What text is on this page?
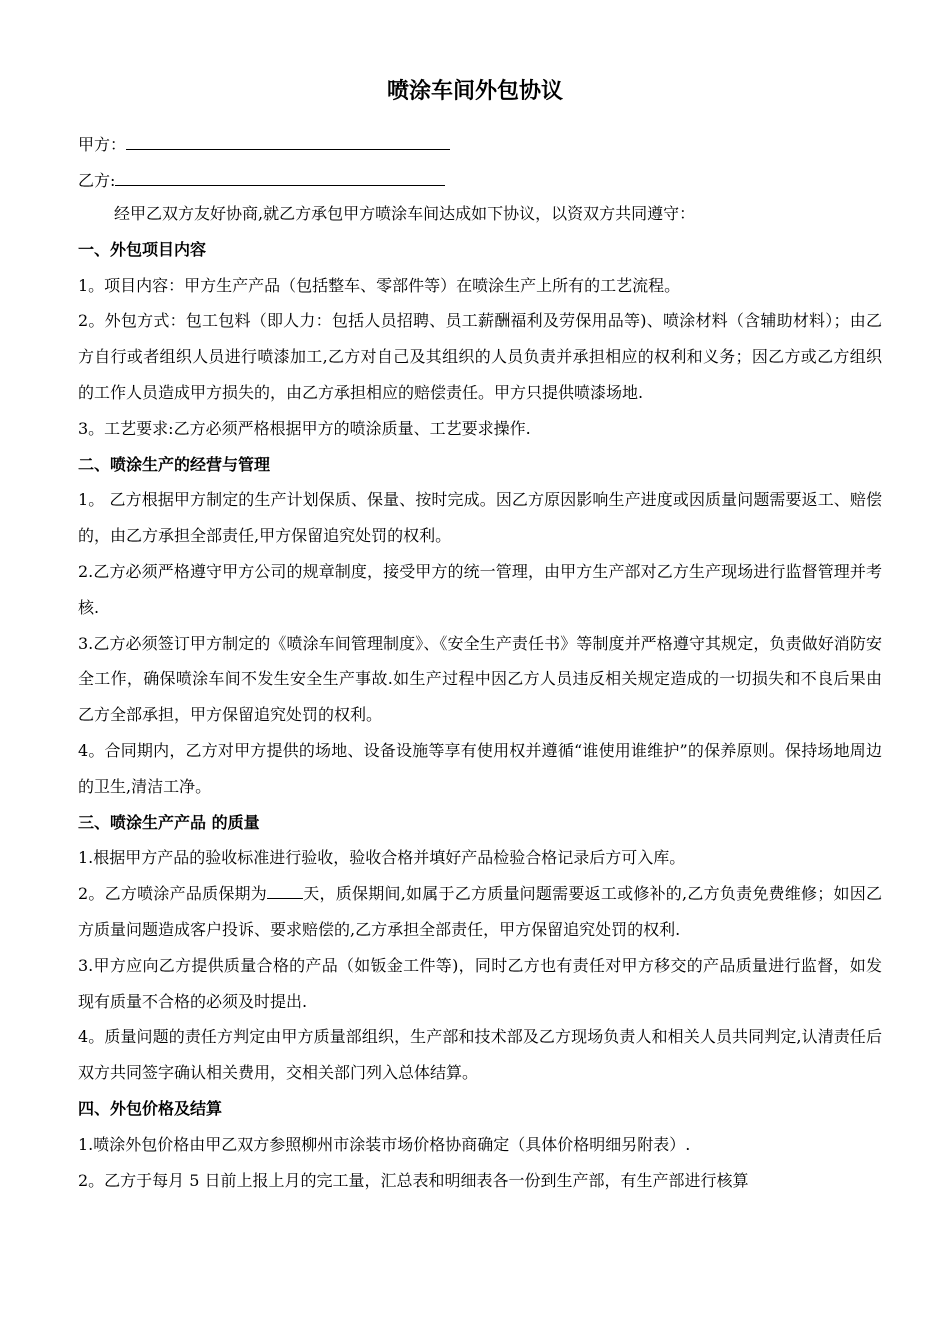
喷涂车间外包协议
甲方：
乙方:

经甲乙双方友好协商,就乙方承包甲方喷涂车间达成如下协议，以资双方共同遵守：

一、外包项目内容

1。项目内容：甲方生产产品（包括整车、零部件等）在喷涂生产上所有的工艺流程。

2。外包方式：包工包料（即人力：包括人员招聘、员工薪酬福利及劳保用品等)、喷涂材料（含辅助材料）；由乙方自行或者组织人员进行喷漆加工,乙方对自己及其组织的人员负责并承担相应的权利和义务；因乙方或乙方组织的工作人员造成甲方损失的，由乙方承担相应的赔偿责任。甲方只提供喷漆场地.

3。工艺要求:乙方必须严格根据甲方的喷涂质量、工艺要求操作.

二、喷涂生产的经营与管理

1。 乙方根据甲方制定的生产计划保质、保量、按时完成。因乙方原因影响生产进度或因质量问题需要返工、赔偿的，由乙方承担全部责任,甲方保留追究处罚的权利。

2.乙方必须严格遵守甲方公司的规章制度，接受甲方的统一管理，由甲方生产部对乙方生产现场进行监督管理并考核.

3.乙方必须签订甲方制定的《喷涂车间管理制度》、《安全生产责任书》等制度并严格遵守其规定，负责做好消防安全工作，确保喷涂车间不发生安全生产事故.如生产过程中因乙方人员违反相关规定造成的一切损失和不良后果由乙方全部承担，甲方保留追究处罚的权利。

4。合同期内，乙方对甲方提供的场地、设备设施等享有使用权并遵循“谁使用谁维护”的保养原则。保持场地周边的卫生,清洁工净。

三、喷涂生产产品 的质量

1.根据甲方产品的验收标准进行验收，验收合格并填好产品检验合格记录后方可入库。

2。乙方喷涂产品质保期为 天，质保期间,如属于乙方质量问题需要返工或修补的,乙方负责免费维修；如因乙方质量问题造成客户投诉、要求赔偿的,乙方承担全部责任，甲方保留追究处罚的权利.

3.甲方应向乙方提供质量合格的产品（如钣金工件等)，同时乙方也有责任对甲方移交的产品质量进行监督，如发现有质量不合格的必须及时提出.

4。质量问题的责任方判定由甲方质量部组织，生产部和技术部及乙方现场负责人和相关人员共同判定,认清责任后双方共同签字确认相关费用，交相关部门列入总体结算。

四、外包价格及结算

1.喷涂外包价格由甲乙双方参照柳州市涂装市场价格协商确定（具体价格明细另附表）.

2。乙方于每月 5 日前上报上月的完工量，汇总表和明细表各一份到生产部，有生产部进行核算
